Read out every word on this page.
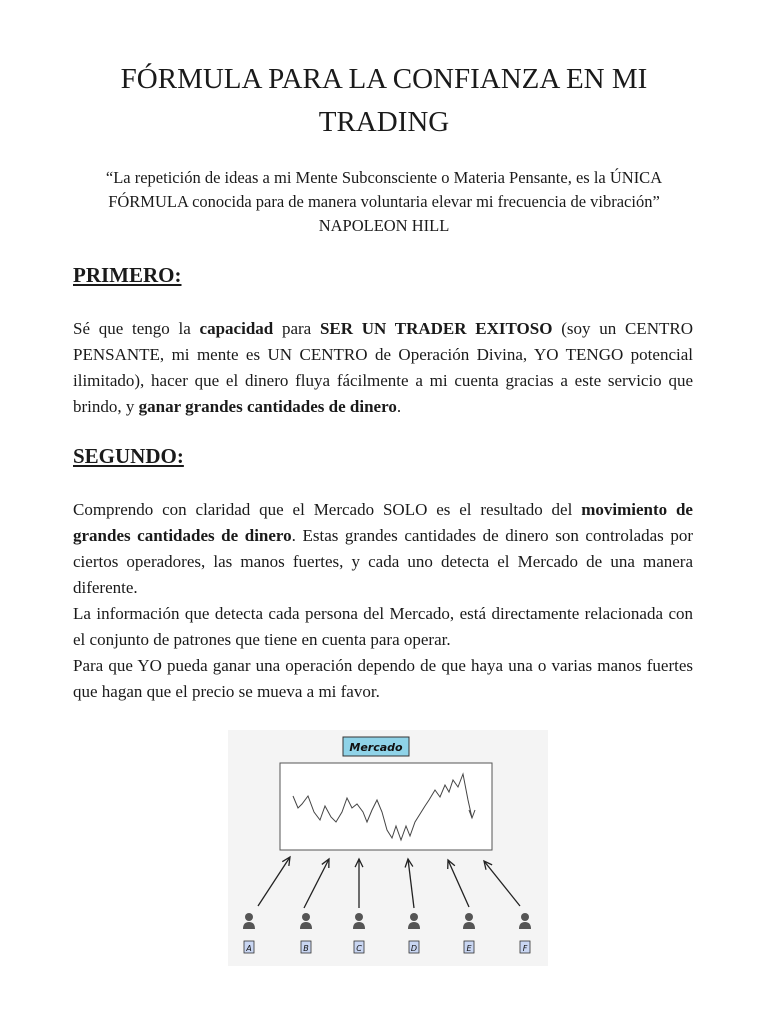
FÓRMULA PARA LA CONFIANZA EN MI TRADING
“La repetición de ideas a mi Mente Subconsciente o Materia Pensante, es la ÚNICA FÓRMULA conocida para de manera voluntaria elevar mi frecuencia de vibración”
NAPOLEON HILL
PRIMERO:

Sé que tengo la capacidad para SER UN TRADER EXITOSO (soy un CENTRO PENSANTE, mi mente es UN CENTRO de Operación Divina, YO TENGO potencial ilimitado), hacer que el dinero fluya fácilmente a mi cuenta gracias a este servicio que brindo, y ganar grandes cantidades de dinero.

SEGUNDO:

Comprendo con claridad que el Mercado SOLO es el resultado del movimiento de grandes cantidades de dinero. Estas grandes cantidades de dinero son controladas por ciertos operadores, las manos fuertes, y cada uno detecta el Mercado de una manera diferente.

La información que detecta cada persona del Mercado, está directamente relacionada con el conjunto de patrones que tiene en cuenta para operar.

Para que YO pueda ganar una operación dependo de que haya una o varias manos fuertes que hagan que el precio se mueva a mi favor.

Mercado
A	B	C	D	E	F
